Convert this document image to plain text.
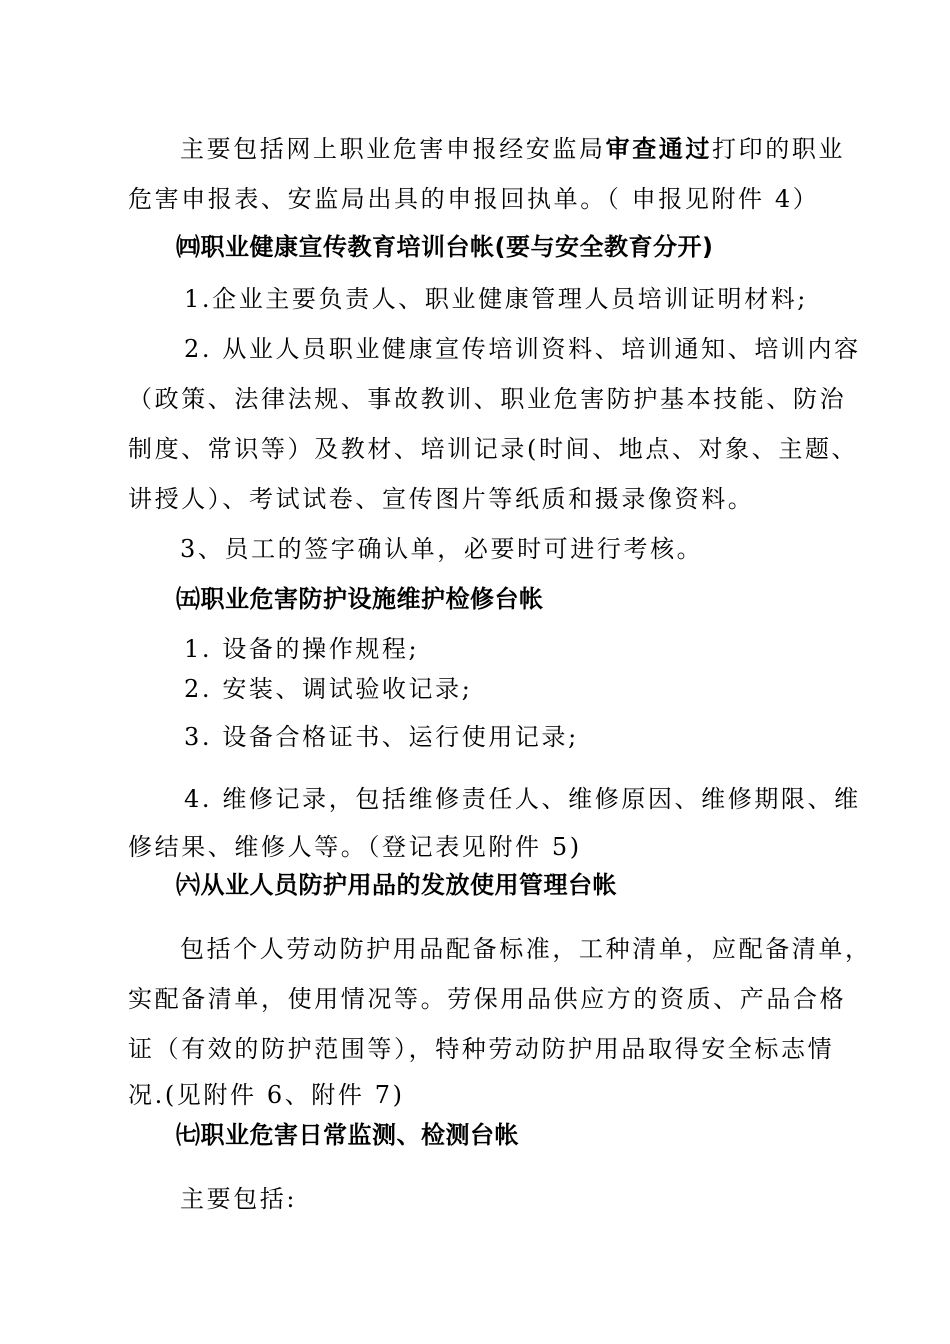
主要包括网上职业危害申报经安监局审查通过打印的职业
危害申报表、安监局出具的申报回执单。（ 申报见附件 4）
㈣职业健康宣传教育培训台帐(要与安全教育分开)
1.企业主要负责人、职业健康管理人员培训证明材料;
2. 从业人员职业健康宣传培训资料、培训通知、培训内容
（政策、法律法规、事故教训、职业危害防护基本技能、防治
制度、常识等）及教材、培训记录(时间、地点、对象、主题、
讲授人）、考试试卷、宣传图片等纸质和摄录像资料。
3、员工的签字确认单，必要时可进行考核。
㈤职业危害防护设施维护检修台帐
1. 设备的操作规程;
2. 安装、调试验收记录;
3. 设备合格证书、运行使用记录;
4. 维修记录，包括维修责任人、维修原因、维修期限、维
修结果、维修人等。（登记表见附件 5)
㈥从业人员防护用品的发放使用管理台帐
包括个人劳动防护用品配备标准，工种清单，应配备清单，
实配备清单，使用情况等。劳保用品供应方的资质、产品合格
证（有效的防护范围等），特种劳动防护用品取得安全标志情
况.(见附件 6、附件 7)
㈦职业危害日常监测、检测台帐
主要包括:
